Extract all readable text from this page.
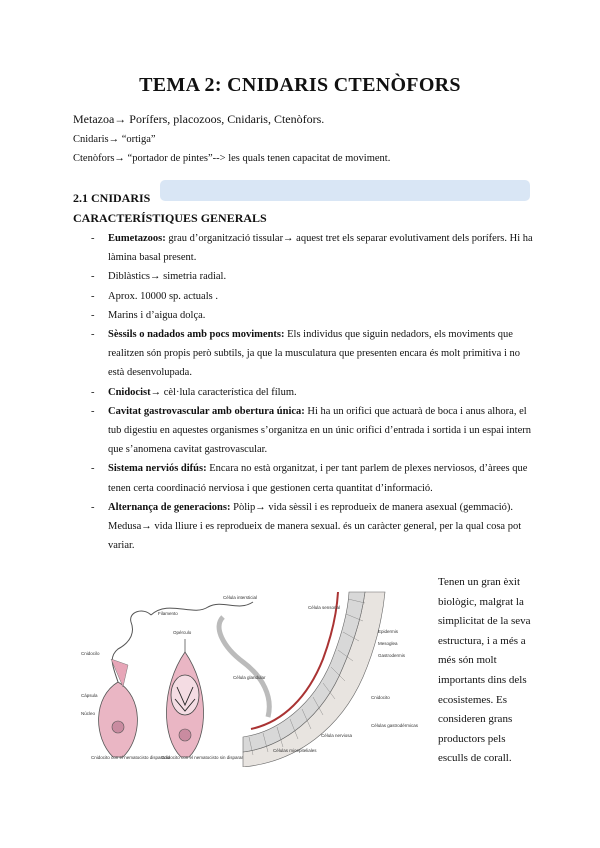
TEMA 2: CNIDARIS CTENÒFORS
Metazoa→ Porífers, placozoos, Cnidaris, Ctenòfors.
Cnidaris→ “ortiga”
Ctenòfors→ “portador de pintes”--> les quals tenen capacitat de moviment.
2.1 CNIDARIS
CARACTERÍSTIQUES GENERALS
- Eumetazoos: grau d’organització tissular→ aquest tret els separar evolutivament dels porífers. Hi ha làmina basal present.
- Diblàstics→ simetria radial.
- Aprox. 10000 sp. actuals .
- Marins i d’aigua dolça.
- Sèssils o nadados amb pocs moviments: Els individus que siguin nedadors, els moviments que realitzen són propis però subtils, ja que la musculatura que presenten encara és molt primitiva i no està desenvolupada.
- Cnidocist→ cèl·lula característica del fílum.
- Cavitat gastrovascular amb obertura única: Hi ha un orifici que actuarà de boca i anus alhora, el tub digestiu en aquestes organismes s’organitza en un únic orifici d’entrada i sortida i un espai intern que s’anomena cavitat gastrovascular.
- Sistema nerviós difús: Encara no està organitzat, i per tant parlem de plexes nerviosos, d’àrees que tenen certa coordinació nerviosa i que gestionen certa quantitat d’informació.
- Alternança de generacions: Pòlip→ vida sèssil i es reprodueix de manera asexual (gemmació). Medusa→ vida lliure i es reprodueix de manera sexual. és un caràcter general, per la qual cosa pot variar.
Filamento
Cnidocilo
Opérculo
Cápsula
Núcleo
Cnidocito con el nematocisto disparado
Cnidocito con el nematocisto sin disparar
Célula sensorial
Célula intersticial
Célula glandular
Célula nerviosa
Epidermis
Mesoglea
Gastrodermis
Células gastrodérmicas
Células mioepiteliales
Cnidocito
Tenen un gran èxit biològic, malgrat la simplicitat de la seva estructura, i a més a més són molt importants dins dels ecosistemes. Es consideren grans productors pels esculls de corall.
